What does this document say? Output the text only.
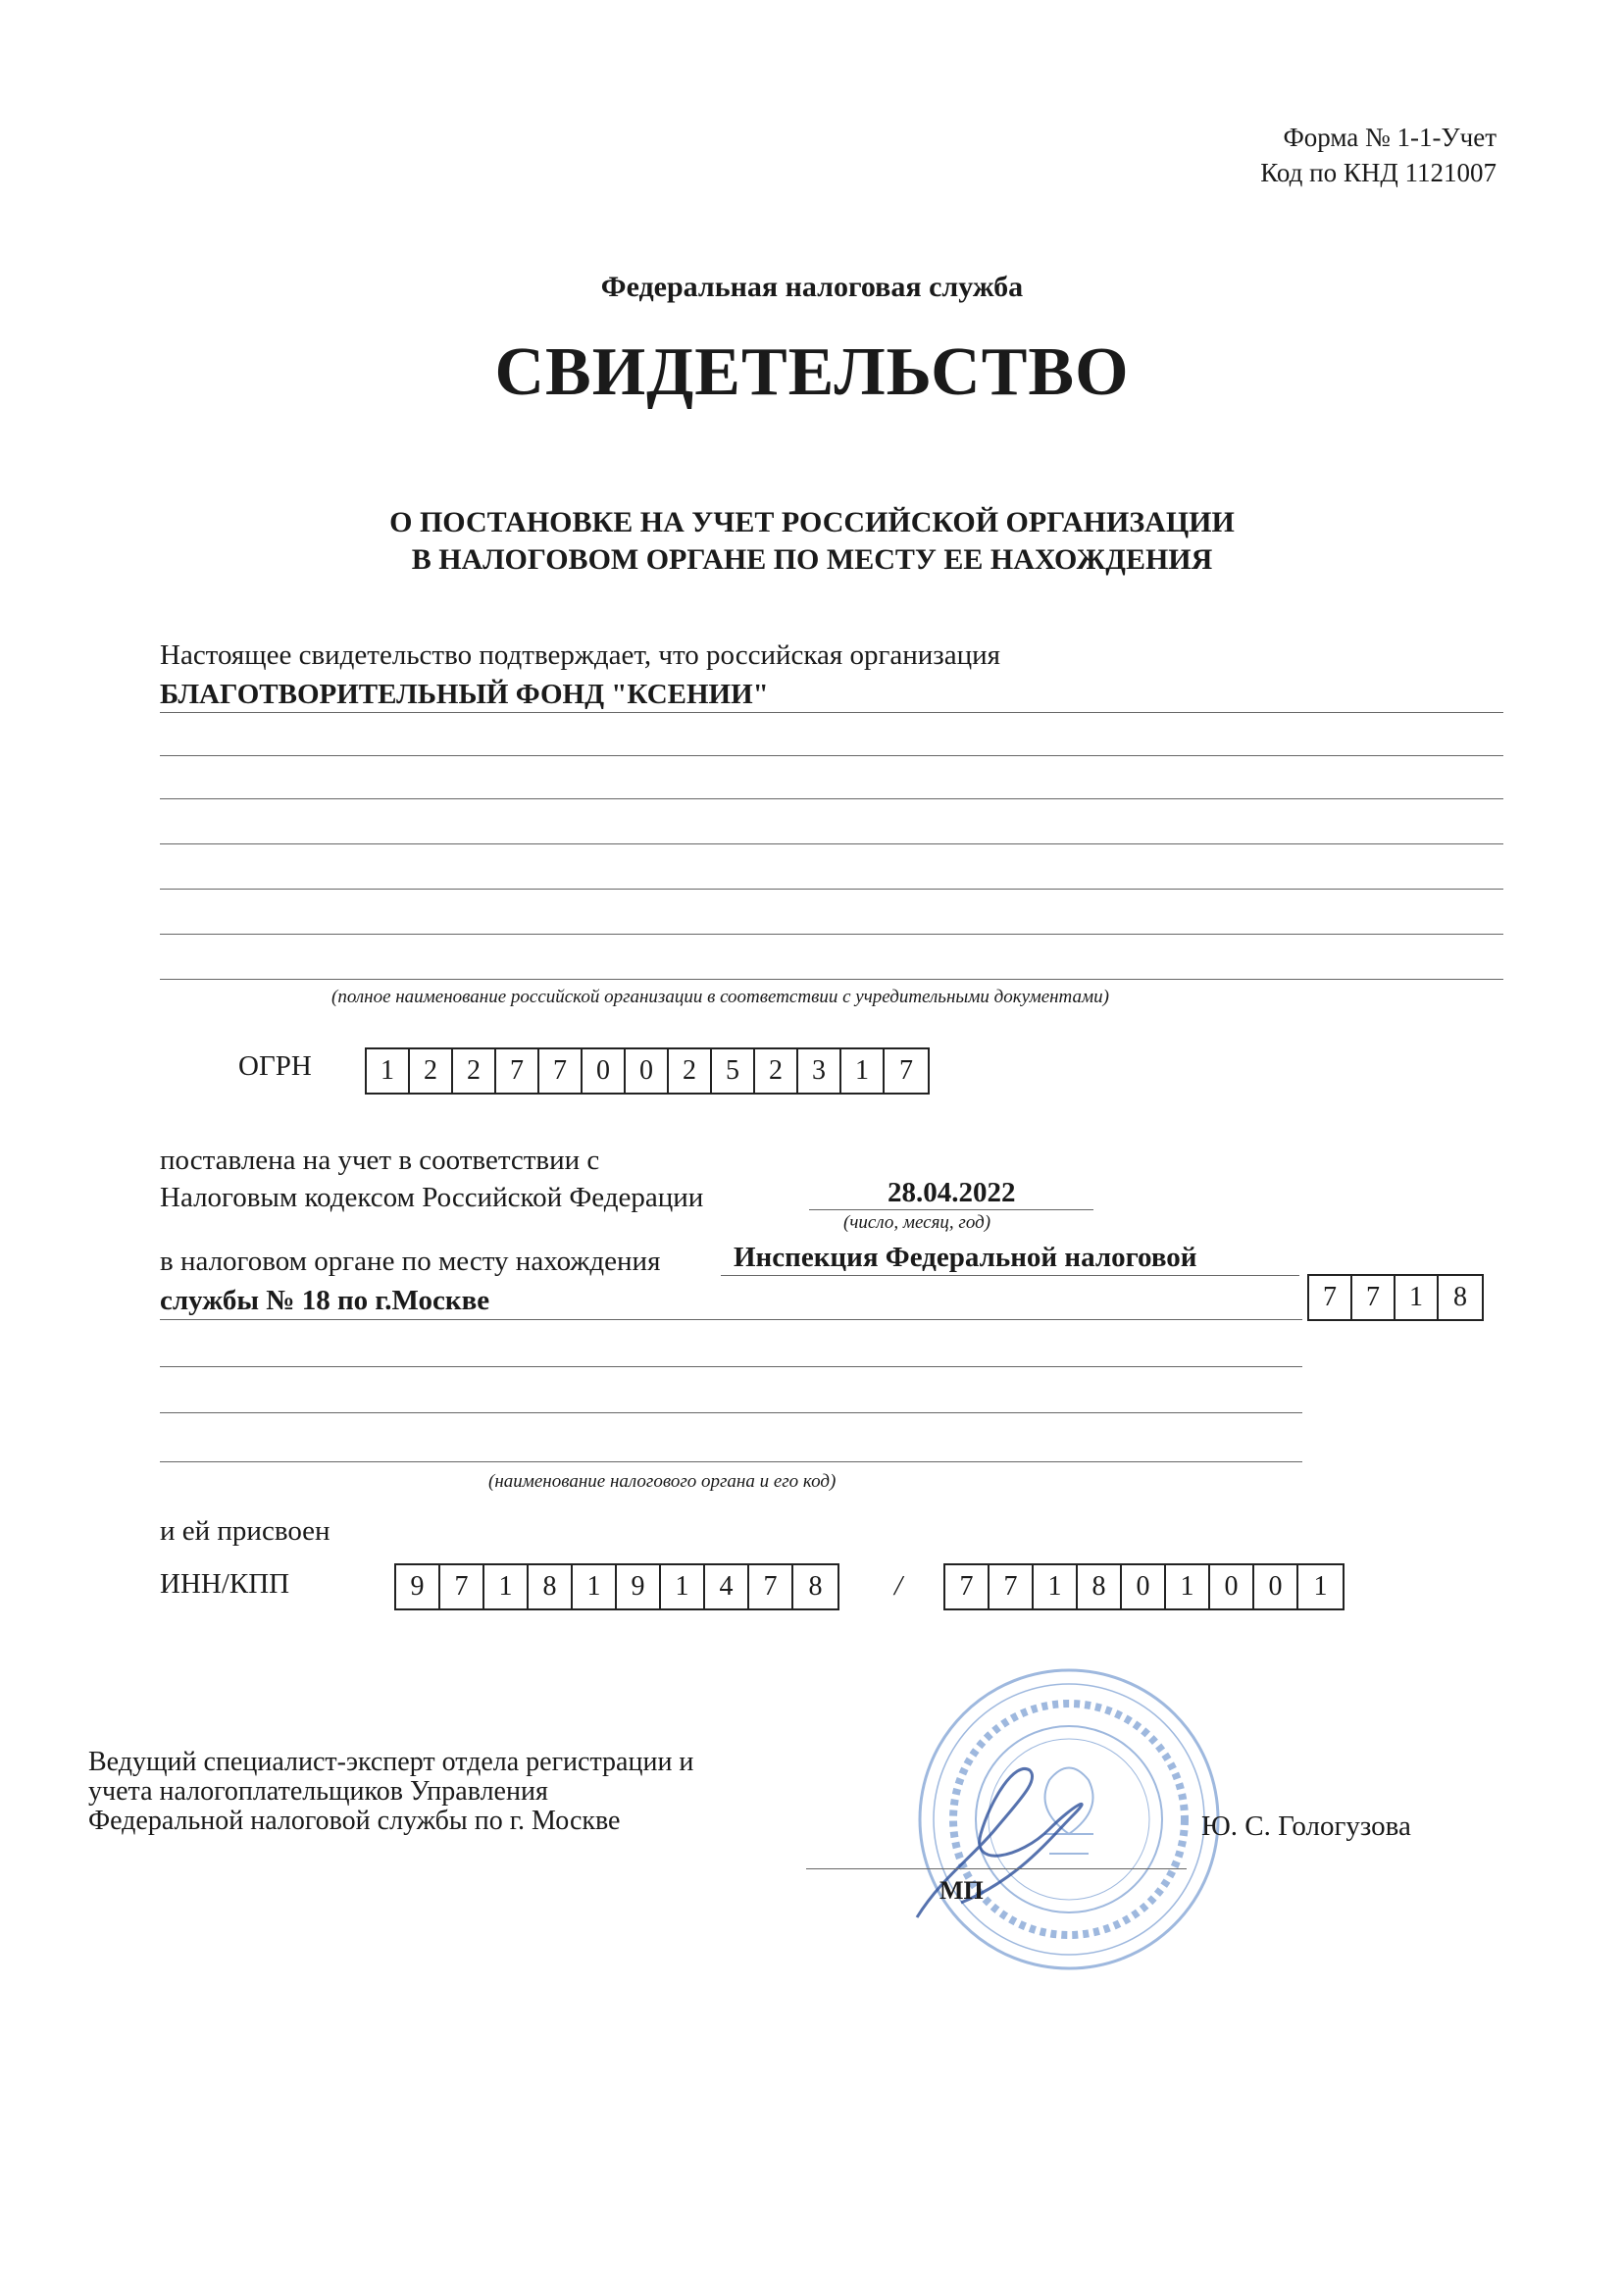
Форма № 1-1-Учет
Код по КНД 1121007
Федеральная налоговая служба
СВИДЕТЕЛЬСТВО
О ПОСТАНОВКЕ НА УЧЕТ РОССИЙСКОЙ ОРГАНИЗАЦИИ
В НАЛОГОВОМ ОРГАНЕ ПО МЕСТУ ЕЕ НАХОЖДЕНИЯ
Настоящее свидетельство подтверждает, что российская организация
БЛАГОТВОРИТЕЛЬНЫЙ ФОНД "КСЕНИИ"
(полное наименование российской организации в соответствии с учредительными документами)
ОГРН	1	2	2	7	7	0	0	2	5	2	3	1	7
поставлена на учет в соответствии с
Налоговым кодексом Российской Федерации	28.04.2022
(число, месяц, год)
в налоговом органе по месту нахождения	Инспекция Федеральной налоговой
службы № 18 по г.Москве	7	7	1	8
(наименование налогового органа и его код)
и ей присвоен
ИНН/КПП	9	7	1	8	1	9	1	4	7	8	/	7	7	1	8	0	1	0	0	1
Ведущий специалист-эксперт отдела регистрации и
учета налогоплательщиков Управления
Федеральной налоговой службы по г. Москве
МП
Ю. С. Гологузова
